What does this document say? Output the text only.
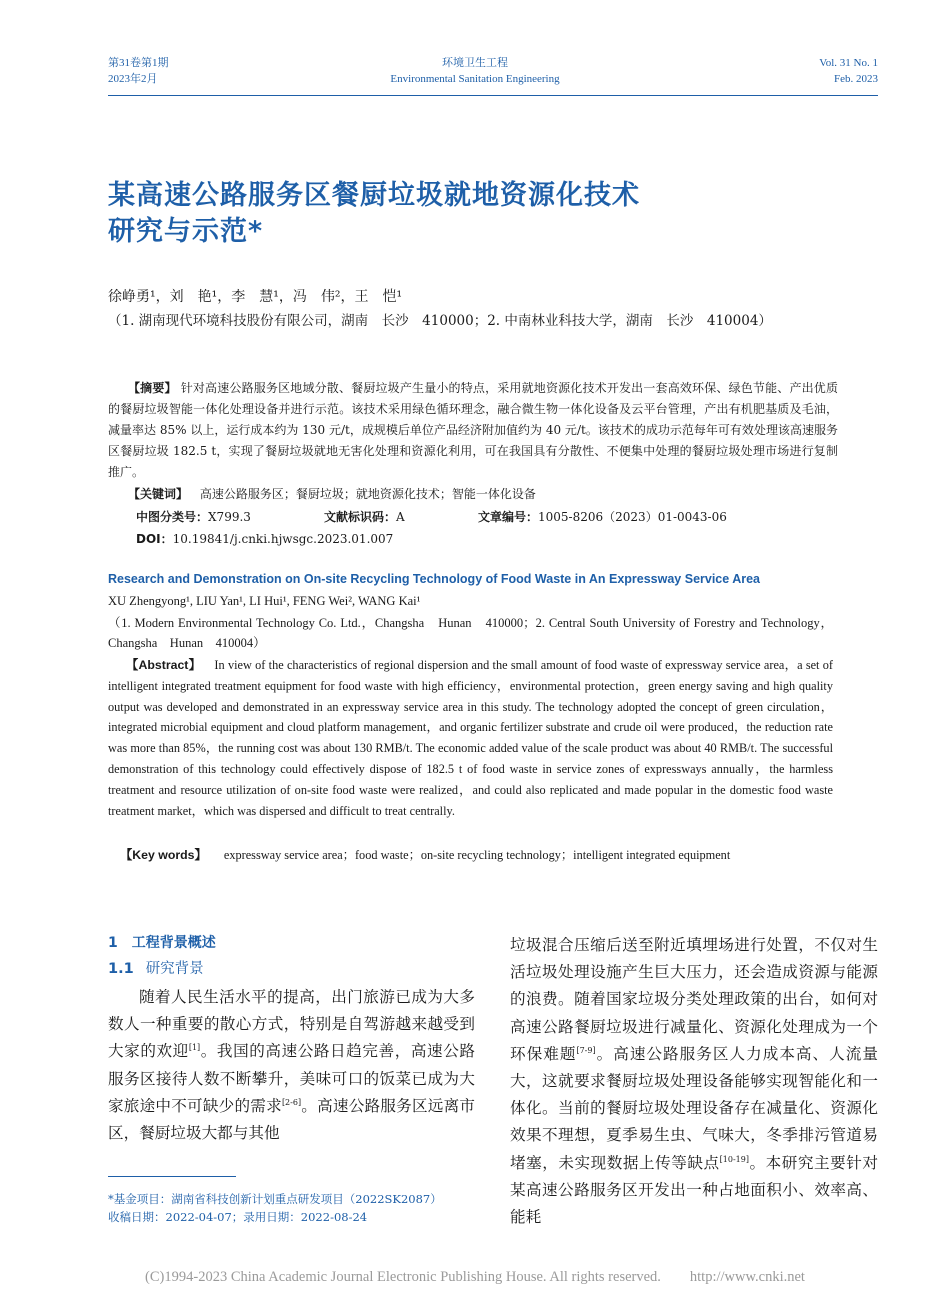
第31卷第1期
2023年2月
环境卫生工程
Environmental Sanitation Engineering
Vol. 31 No. 1
Feb. 2023
某高速公路服务区餐厨垃圾就地资源化技术
研究与示范*
徐峥勇¹，刘　艳¹，李　慧¹，冯　伟²，王　恺¹
（1. 湖南现代环境科技股份有限公司，湖南　长沙　410000；2. 中南林业科技大学，湖南　长沙　410004）
【摘要】 针对高速公路服务区地域分散、餐厨垃圾产生量小的特点，采用就地资源化技术开发出一套高效环保、绿色节能、产出优质的餐厨垃圾智能一体化处理设备并进行示范。该技术采用绿色循环理念，融合微生物一体化设备及云平台管理，产出有机肥基质及毛油，减量率达 85% 以上，运行成本约为 130 元/t，成规模后单位产品经济附加值约为 40 元/t。该技术的成功示范每年可有效处理该高速服务区餐厨垃圾 182.5 t，实现了餐厨垃圾就地无害化处理和资源化利用，可在我国具有分散性、不便集中处理的餐厨垃圾处理市场进行复制推广。
【关键词】 高速公路服务区；餐厨垃圾；就地资源化技术；智能一体化设备
中图分类号：X799.3	文献标识码：A	文章编号：1005-8206（2023）01-0043-06
DOI：10.19841/j.cnki.hjwsgc.2023.01.007
Research and Demonstration on On-site Recycling Technology of Food Waste in An Expressway Service Area
XU Zhengyong¹, LIU Yan¹, LI Hui¹, FENG Wei², WANG Kai¹
（1. Modern Environmental Technology Co. Ltd.，Changsha　Hunan　410000；2. Central South University of Forestry and Technology，Changsha　Hunan　410004）
【Abstract】 In view of the characteristics of regional dispersion and the small amount of food waste of expressway service area，a set of intelligent integrated treatment equipment for food waste with high efficiency，environmental protection，green energy saving and high quality output was developed and demonstrated in an expressway service area in this study. The technology adopted the concept of green circulation，integrated microbial equipment and cloud platform management，and organic fertilizer substrate and crude oil were produced，the reduction rate was more than 85%，the running cost was about 130 RMB/t. The economic added value of the scale product was about 40 RMB/t. The successful demonstration of this technology could effectively dispose of 182.5 t of food waste in service zones of expressways annually，the harmless treatment and resource utilization of on-site food waste were realized，and could also replicated and made popular in the domestic food waste treatment market，which was dispersed and difficult to treat centrally.
【Key words】 expressway service area；food waste；on-site recycling technology；intelligent integrated equipment
1　工程背景概述
1.1 研究背景
随着人民生活水平的提高，出门旅游已成为大多数人一种重要的散心方式，特别是自驾游越来越受到大家的欢迎[1]。我国的高速公路日趋完善，高速公路服务区接待人数不断攀升，美味可口的饭菜已成为大家旅途中不可缺少的需求[2-6]。高速公路服务区远离市区，餐厨垃圾大都与其他
垃圾混合压缩后送至附近填埋场进行处置，不仅对生活垃圾处理设施产生巨大压力，还会造成资源与能源的浪费。随着国家垃圾分类处理政策的出台，如何对高速公路餐厨垃圾进行减量化、资源化处理成为一个环保难题[7-9]。高速公路服务区人力成本高、人流量大，这就要求餐厨垃圾处理设备能够实现智能化和一体化。当前的餐厨垃圾处理设备存在减量化、资源化效果不理想，夏季易生虫、气味大，冬季排污管道易堵塞，未实现数据上传等缺点[10-19]。本研究主要针对某高速公路服务区开发出一种占地面积小、效率高、能耗
*基金项目：湖南省科技创新计划重点研发项目（2022SK2087）
收稿日期：2022-04-07；录用日期：2022-08-24
(C)1994-2023 China Academic Journal Electronic Publishing House. All rights reserved.　　http://www.cnki.net
